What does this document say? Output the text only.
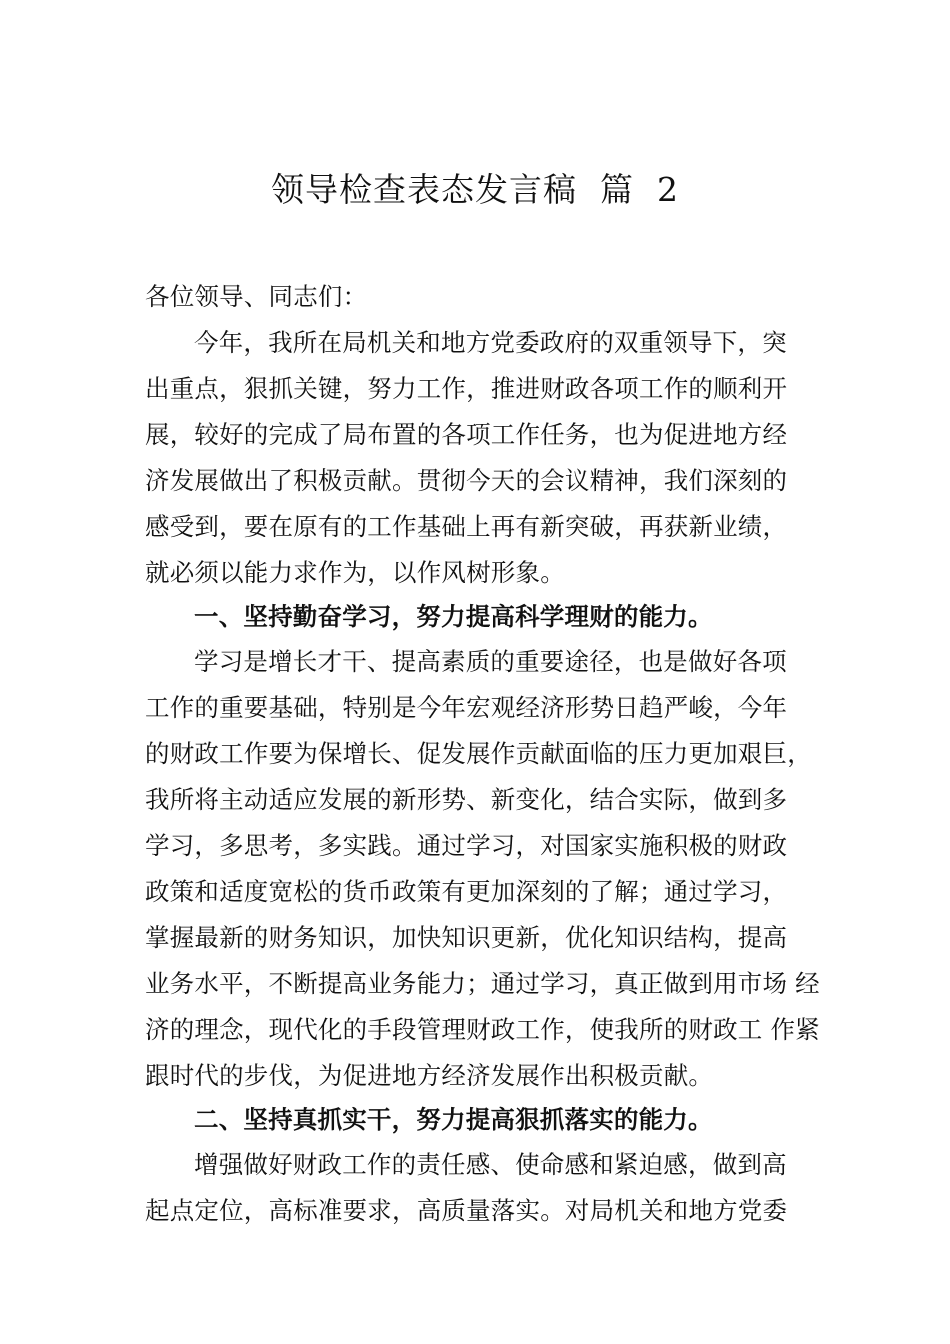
领导检查表态发言稿  篇  2
各位领导、同志们：
今年，我所在局机关和地方党委政府的双重领导下，突
出重点，狠抓关键，努力工作，推进财政各项工作的顺利开
展，较好的完成了局布置的各项工作任务，也为促进地方经
济发展做出了积极贡献。贯彻今天的会议精神，我们深刻的
感受到，要在原有的工作基础上再有新突破，再获新业绩，
就必须以能力求作为，以作风树形象。
一、坚持勤奋学习，努力提高科学理财的能力。
学习是增长才干、提高素质的重要途径，也是做好各项
工作的重要基础，特别是今年宏观经济形势日趋严峻，今年
的财政工作要为保增长、促发展作贡献面临的压力更加艰巨，
我所将主动适应发展的新形势、新变化，结合实际，做到多
学习，多思考，多实践。通过学习，对国家实施积极的财政
政策和适度宽松的货币政策有更加深刻的了解；通过学习，
掌握最新的财务知识，加快知识更新，优化知识结构，提高
业务水平，不断提高业务能力；通过学习，真正做到用市场 经
济的理念，现代化的手段管理财政工作，使我所的财政工 作紧
跟时代的步伐，为促进地方经济发展作出积极贡献。
二、坚持真抓实干，努力提高狠抓落实的能力。
增强做好财政工作的责任感、使命感和紧迫感，做到高
起点定位，高标准要求，高质量落实。对局机关和地方党委
